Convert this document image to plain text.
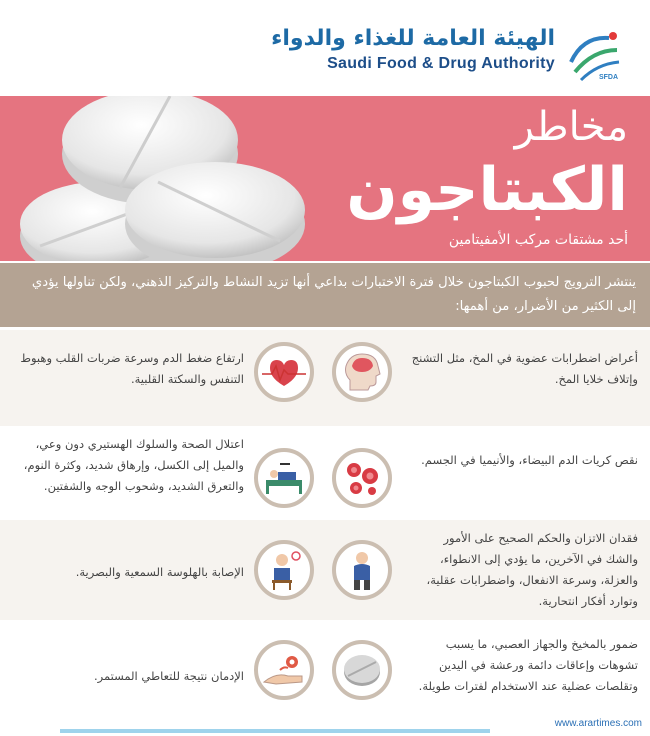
الهيئة العامة للغذاء والدواء
Saudi Food & Drug Authority
SFDA
مخاطر
الكبتاجون
أحد مشتقات مركب الأمفيتامين
ينتشر الترويج لحبوب الكبتاجون خلال فترة الاختبارات بداعي أنها تزيد النشاط والتركيز الذهني، ولكن تناولها يؤدي إلى الكثير من الأضرار، من أهمها:
أعراض اضطرابات عضوية في المخ، مثل التشنج وإتلاف خلايا المخ.
ارتفاع ضغط الدم وسرعة ضربات القلب وهبوط التنفس والسكتة القلبية.
نقص كريات الدم البيضاء، والأنيميا في الجسم.
اعتلال الصحة والسلوك الهستيري دون وعي، والميل إلى الكسل، وإرهاق شديد، وكثرة النوم، والتعرق الشديد، وشحوب الوجه والشفتين.
فقدان الاتزان والحكم الصحيح على الأمور والشك في الآخرين، ما يؤدي إلى الانطواء، والعزلة، وسرعة الانفعال، واضطرابات عقلية، وتوارد أفكار انتحارية.
الإصابة بالهلوسة السمعية والبصرية.
ضمور بالمخيخ والجهاز العصبي، ما يسبب تشوهات وإعاقات دائمة ورعشة في اليدين وتقلصات عضلية عند الاستخدام لفترات طويلة.
الإدمان نتيجة للتعاطي المستمر.
www.arartimes.com
